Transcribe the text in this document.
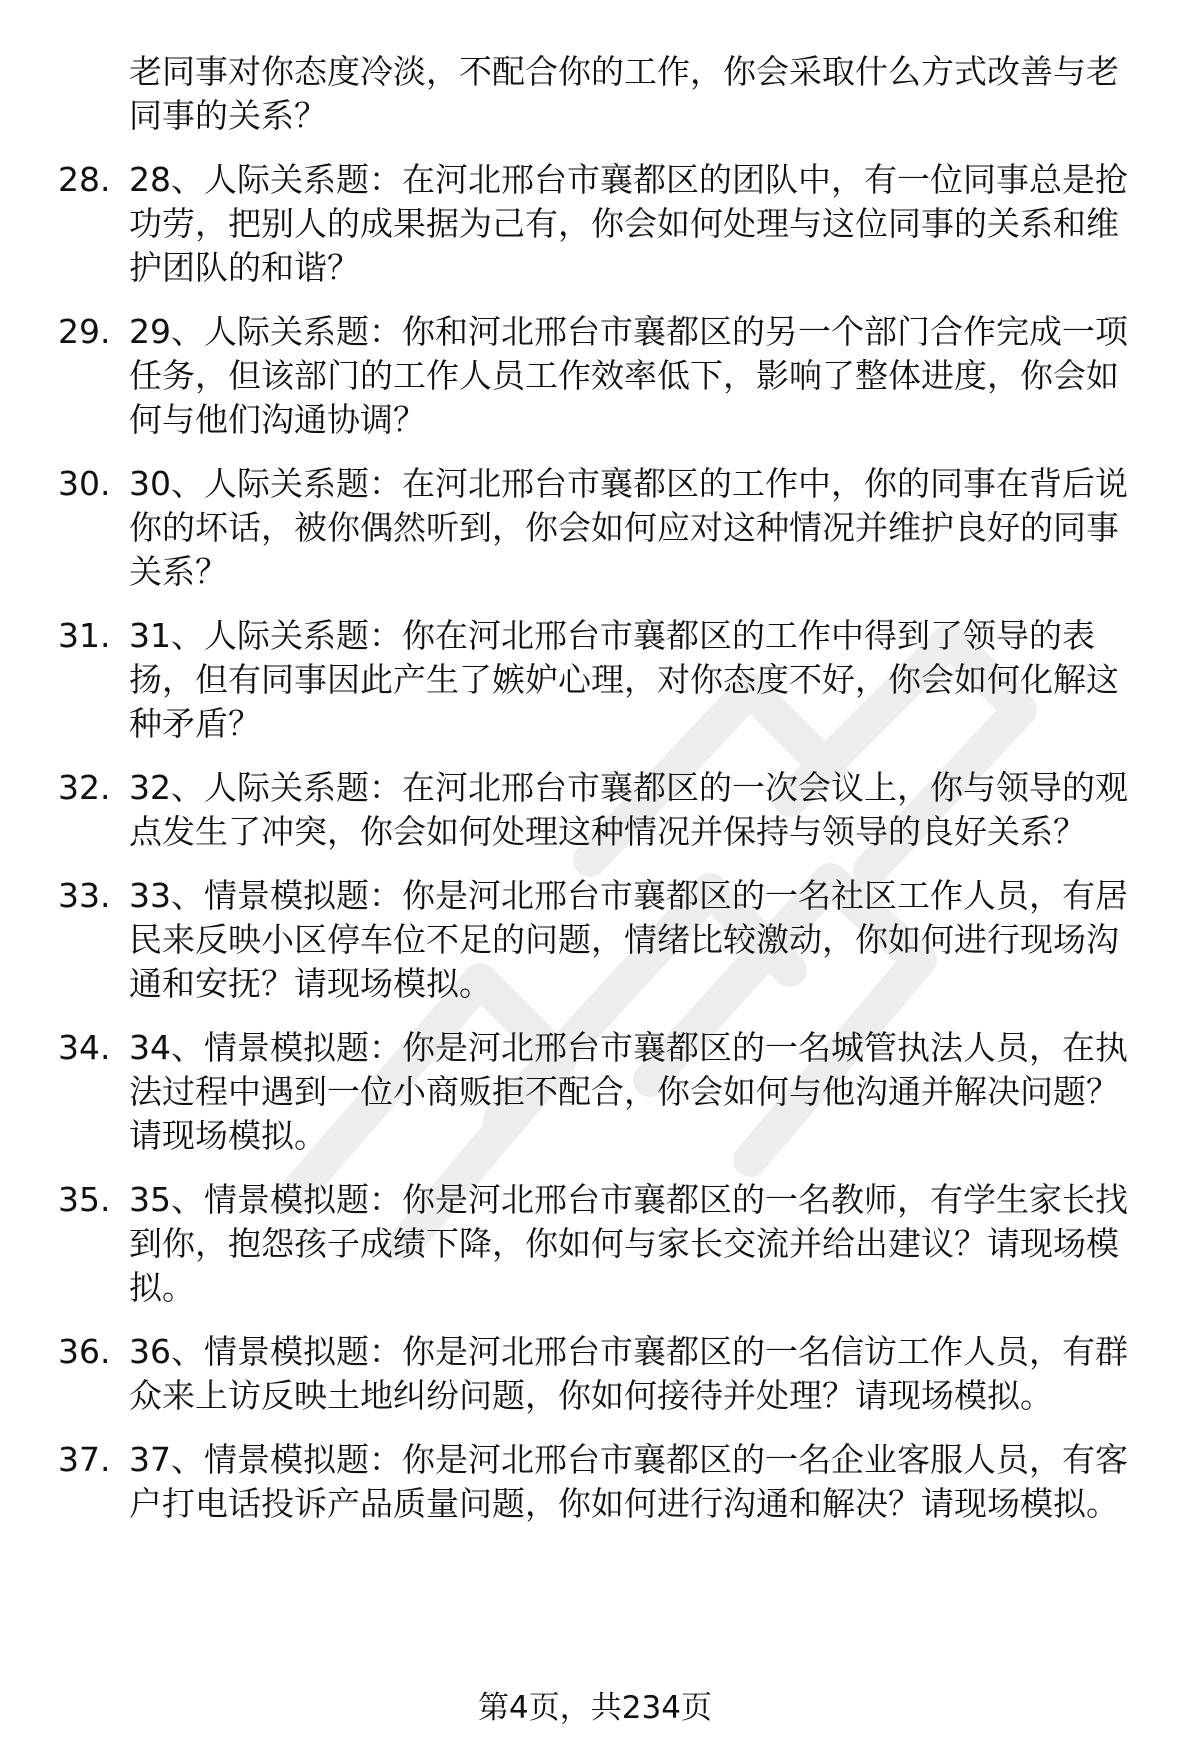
老同事对你态度冷淡，不配合你的工作，你会采取什么方式改善与老同事的关系？
28. 28、人际关系题：在河北邢台市襄都区的团队中，有一位同事总是抢功劳，把别人的成果据为己有，你会如何处理与这位同事的关系和维护团队的和谐？
29. 29、人际关系题：你和河北邢台市襄都区的另一个部门合作完成一项任务，但该部门的工作人员工作效率低下，影响了整体进度，你会如何与他们沟通协调？
30. 30、人际关系题：在河北邢台市襄都区的工作中，你的同事在背后说你的坏话，被你偶然听到，你会如何应对这种情况并维护良好的同事关系？
31. 31、人际关系题：你在河北邢台市襄都区的工作中得到了领导的表扬，但有同事因此产生了嫉妒心理，对你态度不好，你会如何化解这种矛盾？
32. 32、人际关系题：在河北邢台市襄都区的一次会议上，你与领导的观点发生了冲突，你会如何处理这种情况并保持与领导的良好关系？
33. 33、情景模拟题：你是河北邢台市襄都区的一名社区工作人员，有居民来反映小区停车位不足的问题，情绪比较激动，你如何进行现场沟通和安抚？请现场模拟。
34. 34、情景模拟题：你是河北邢台市襄都区的一名城管执法人员，在执法过程中遇到一位小商贩拒不配合，你会如何与他沟通并解决问题？请现场模拟。
35. 35、情景模拟题：你是河北邢台市襄都区的一名教师，有学生家长找到你，抱怨孩子成绩下降，你如何与家长交流并给出建议？请现场模拟。
36. 36、情景模拟题：你是河北邢台市襄都区的一名信访工作人员，有群众来上访反映土地纠纷问题，你如何接待并处理？请现场模拟。
37. 37、情景模拟题：你是河北邢台市襄都区的一名企业客服人员，有客户打电话投诉产品质量问题，你如何进行沟通和解决？请现场模拟。
第4页，共234页
